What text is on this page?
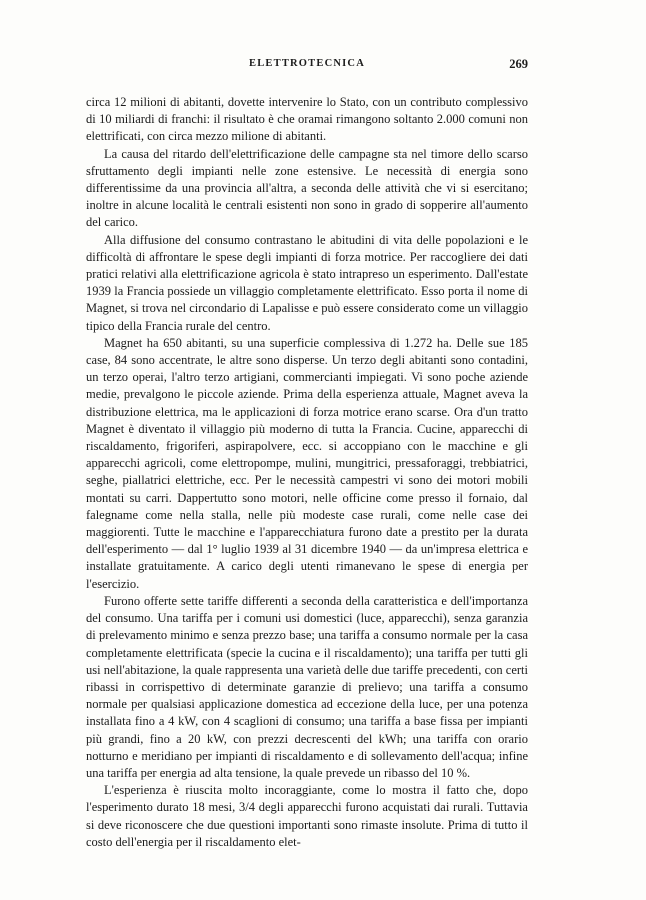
ELETTROTECNICA	269

circa 12 milioni di abitanti, dovette intervenire lo Stato, con un contributo complessivo di 10 miliardi di franchi: il risultato è che oramai rimangono soltanto 2.000 comuni non elettrificati, con circa mezzo milione di abitanti.

La causa del ritardo dell'elettrificazione delle campagne sta nel timore dello scarso sfruttamento degli impianti nelle zone estensive. Le necessità di energia sono differentissime da una provincia all'altra, a seconda delle attività che vi si esercitano; inoltre in alcune località le centrali esistenti non sono in grado di sopperire all'aumento del carico.

Alla diffusione del consumo contrastano le abitudini di vita delle popolazioni e le difficoltà di affrontare le spese degli impianti di forza motrice. Per raccogliere dei dati pratici relativi alla elettrificazione agricola è stato intrapreso un esperimento. Dall'estate 1939 la Francia possiede un villaggio completamente elettrificato. Esso porta il nome di Magnet, si trova nel circondario di Lapalisse e può essere considerato come un villaggio tipico della Francia rurale del centro.

Magnet ha 650 abitanti, su una superficie complessiva di 1.272 ha. Delle sue 185 case, 84 sono accentrate, le altre sono disperse. Un terzo degli abitanti sono contadini, un terzo operai, l'altro terzo artigiani, commercianti impiegati. Vi sono poche aziende medie, prevalgono le piccole aziende. Prima della esperienza attuale, Magnet aveva la distribuzione elettrica, ma le applicazioni di forza motrice erano scarse. Ora d'un tratto Magnet è diventato il villaggio più moderno di tutta la Francia. Cucine, apparecchi di riscaldamento, frigoriferi, aspirapolvere, ecc. si accoppiano con le macchine e gli apparecchi agricoli, come elettropompe, mulini, mungitrici, pressaforaggi, trebbiatrici, seghe, piallatrici elettriche, ecc. Per le necessità campestri vi sono dei motori mobili montati su carri. Dappertutto sono motori, nelle officine come presso il fornaio, dal falegname come nella stalla, nelle più modeste case rurali, come nelle case dei maggiorenti. Tutte le macchine e l'apparecchiatura furono date a prestito per la durata dell'esperimento — dal 1° luglio 1939 al 31 dicembre 1940 — da un'impresa elettrica e installate gratuitamente. A carico degli utenti rimanevano le spese di energia per l'esercizio.

Furono offerte sette tariffe differenti a seconda della caratteristica e dell'importanza del consumo. Una tariffa per i comuni usi domestici (luce, apparecchi), senza garanzia di prelevamento minimo e senza prezzo base; una tariffa a consumo normale per la casa completamente elettrificata (specie la cucina e il riscaldamento); una tariffa per tutti gli usi nell'abitazione, la quale rappresenta una varietà delle due tariffe precedenti, con certi ribassi in corrispettivo di determinate garanzie di prelievo; una tariffa a consumo normale per qualsiasi applicazione domestica ad eccezione della luce, per una potenza installata fino a 4 kW, con 4 scaglioni di consumo; una tariffa a base fissa per impianti più grandi, fino a 20 kW, con prezzi decrescenti del kWh; una tariffa con orario notturno e meridiano per impianti di riscaldamento e di sollevamento dell'acqua; infine una tariffa per energia ad alta tensione, la quale prevede un ribasso del 10 %.

L'esperienza è riuscita molto incoraggiante, come lo mostra il fatto che, dopo l'esperimento durato 18 mesi, 3/4 degli apparecchi furono acquistati dai rurali. Tuttavia si deve riconoscere che due questioni importanti sono rimaste insolute. Prima di tutto il costo dell'energia per il riscaldamento elet-
